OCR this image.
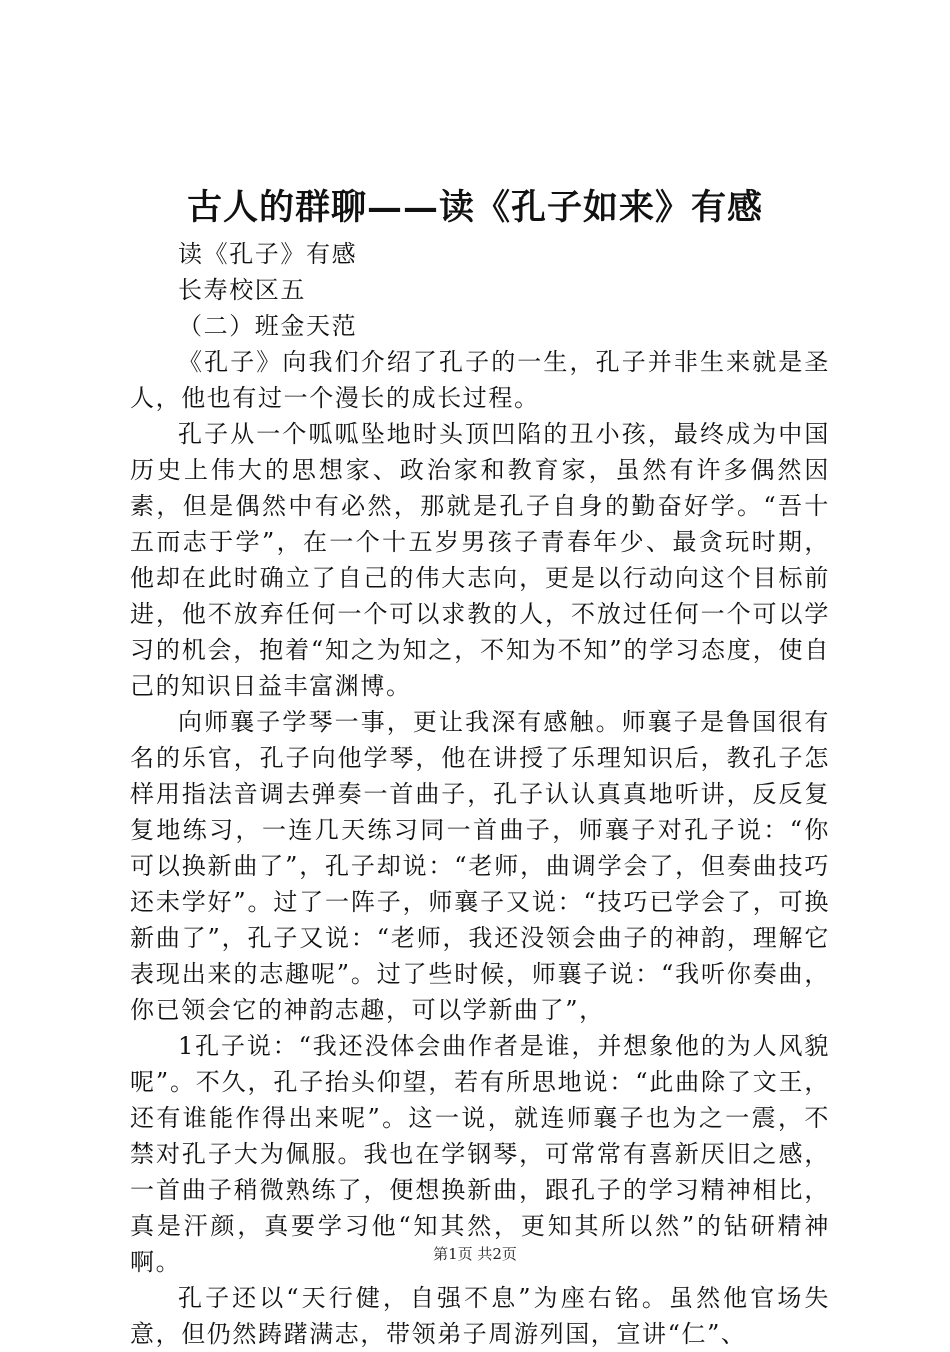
古人的群聊——读《孔子如来》有感

读《孔子》有感

长寿校区五

（二）班金天范

《孔子》向我们介绍了孔子的一生，孔子并非生来就是圣人，他也有过一个漫长的成长过程。

孔子从一个呱呱坠地时头顶凹陷的丑小孩，最终成为中国历史上伟大的思想家、政治家和教育家，虽然有许多偶然因素，但是偶然中有必然，那就是孔子自身的勤奋好学。“吾十五而志于学”，在一个十五岁男孩子青春年少、最贪玩时期，他却在此时确立了自己的伟大志向，更是以行动向这个目标前进，他不放弃任何一个可以求教的人，不放过任何一个可以学习的机会，抱着“知之为知之，不知为不知”的学习态度，使自己的知识日益丰富渊博。

向师襄子学琴一事，更让我深有感触。师襄子是鲁国很有名的乐官，孔子向他学琴，他在讲授了乐理知识后，教孔子怎样用指法音调去弹奏一首曲子，孔子认认真真地听讲，反反复复地练习，一连几天练习同一首曲子，师襄子对孔子说：“你可以换新曲了”，孔子却说：“老师，曲调学会了，但奏曲技巧还未学好”。过了一阵子，师襄子又说：“技巧已学会了，可换新曲了”，孔子又说：“老师，我还没领会曲子的神韵，理解它表现出来的志趣呢”。过了些时候，师襄子说：“我听你奏曲，你已领会它的神韵志趣，可以学新曲了”，

1孔子说：“我还没体会曲作者是谁，并想象他的为人风貌呢”。不久，孔子抬头仰望，若有所思地说：“此曲除了文王，还有谁能作得出来呢”。这一说，就连师襄子也为之一震，不禁对孔子大为佩服。我也在学钢琴，可常常有喜新厌旧之感，一首曲子稍微熟练了，便想换新曲，跟孔子的学习精神相比，真是汗颜，真要学习他“知其然，更知其所以然”的钻研精神啊。

孔子还以“天行健，自强不息”为座右铭。虽然他官场失意，但仍然踌躇满志，带领弟子周游列国，宣讲“仁”、

第1页 共2页
